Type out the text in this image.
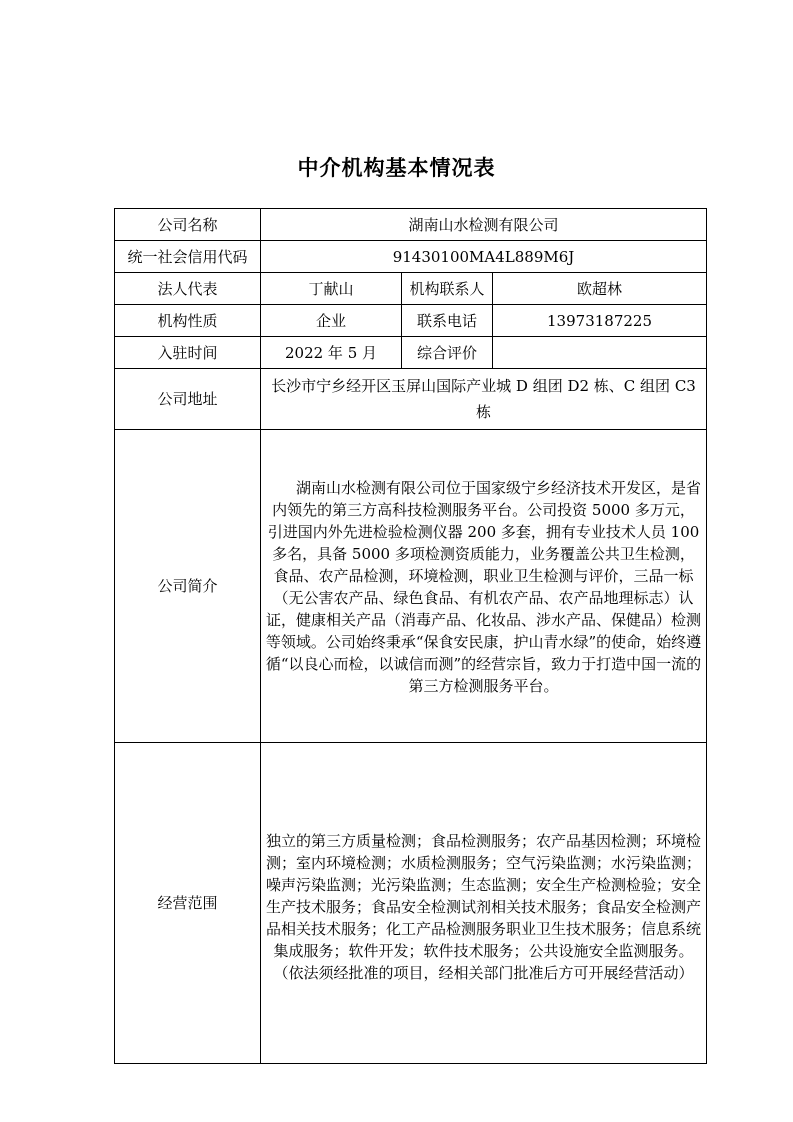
中介机构基本情况表
公司名称	湖南山水检测有限公司		
统一社会信用代码	91430100MA4L889M6J		
法人代表	丁献山	机构联系人	欧超林
机构性质	企业	联系电话	13973187225
入驻时间	2022 年 5 月	综合评价	
公司地址	长沙市宁乡经开区玉屏山国际产业城 D 组团 D2 栋、C 组团 C3 栋		
公司简介	湖南山水检测有限公司位于国家级宁乡经济技术开发区，是省内领先的第三方高科技检测服务平台。公司投资 5000 多万元，引进国内外先进检验检测仪器 200 多套，拥有专业技术人员 100 多名，具备 5000 多项检测资质能力，业务覆盖公共卫生检测，食品、农产品检测，环境检测，职业卫生检测与评价，三品一标（无公害农产品、绿色食品、有机农产品、农产品地理标志）认证，健康相关产品（消毒产品、化妆品、涉水产品、保健品）检测等领域。公司始终秉承“保食安民康，护山青水绿”的使命，始终遵循“以良心而检，以诚信而测”的经营宗旨，致力于打造中国一流的第三方检测服务平台。		
经营范围	独立的第三方质量检测；食品检测服务；农产品基因检测；环境检测；室内环境检测；水质检测服务；空气污染监测；水污染监测；噪声污染监测；光污染监测；生态监测；安全生产检测检验；安全生产技术服务；食品安全检测试剂相关技术服务；食品安全检测产品相关技术服务；化工产品检测服务职业卫生技术服务；信息系统集成服务；软件开发；软件技术服务；公共设施安全监测服务。（依法须经批准的项目，经相关部门批准后方可开展经营活动）		
